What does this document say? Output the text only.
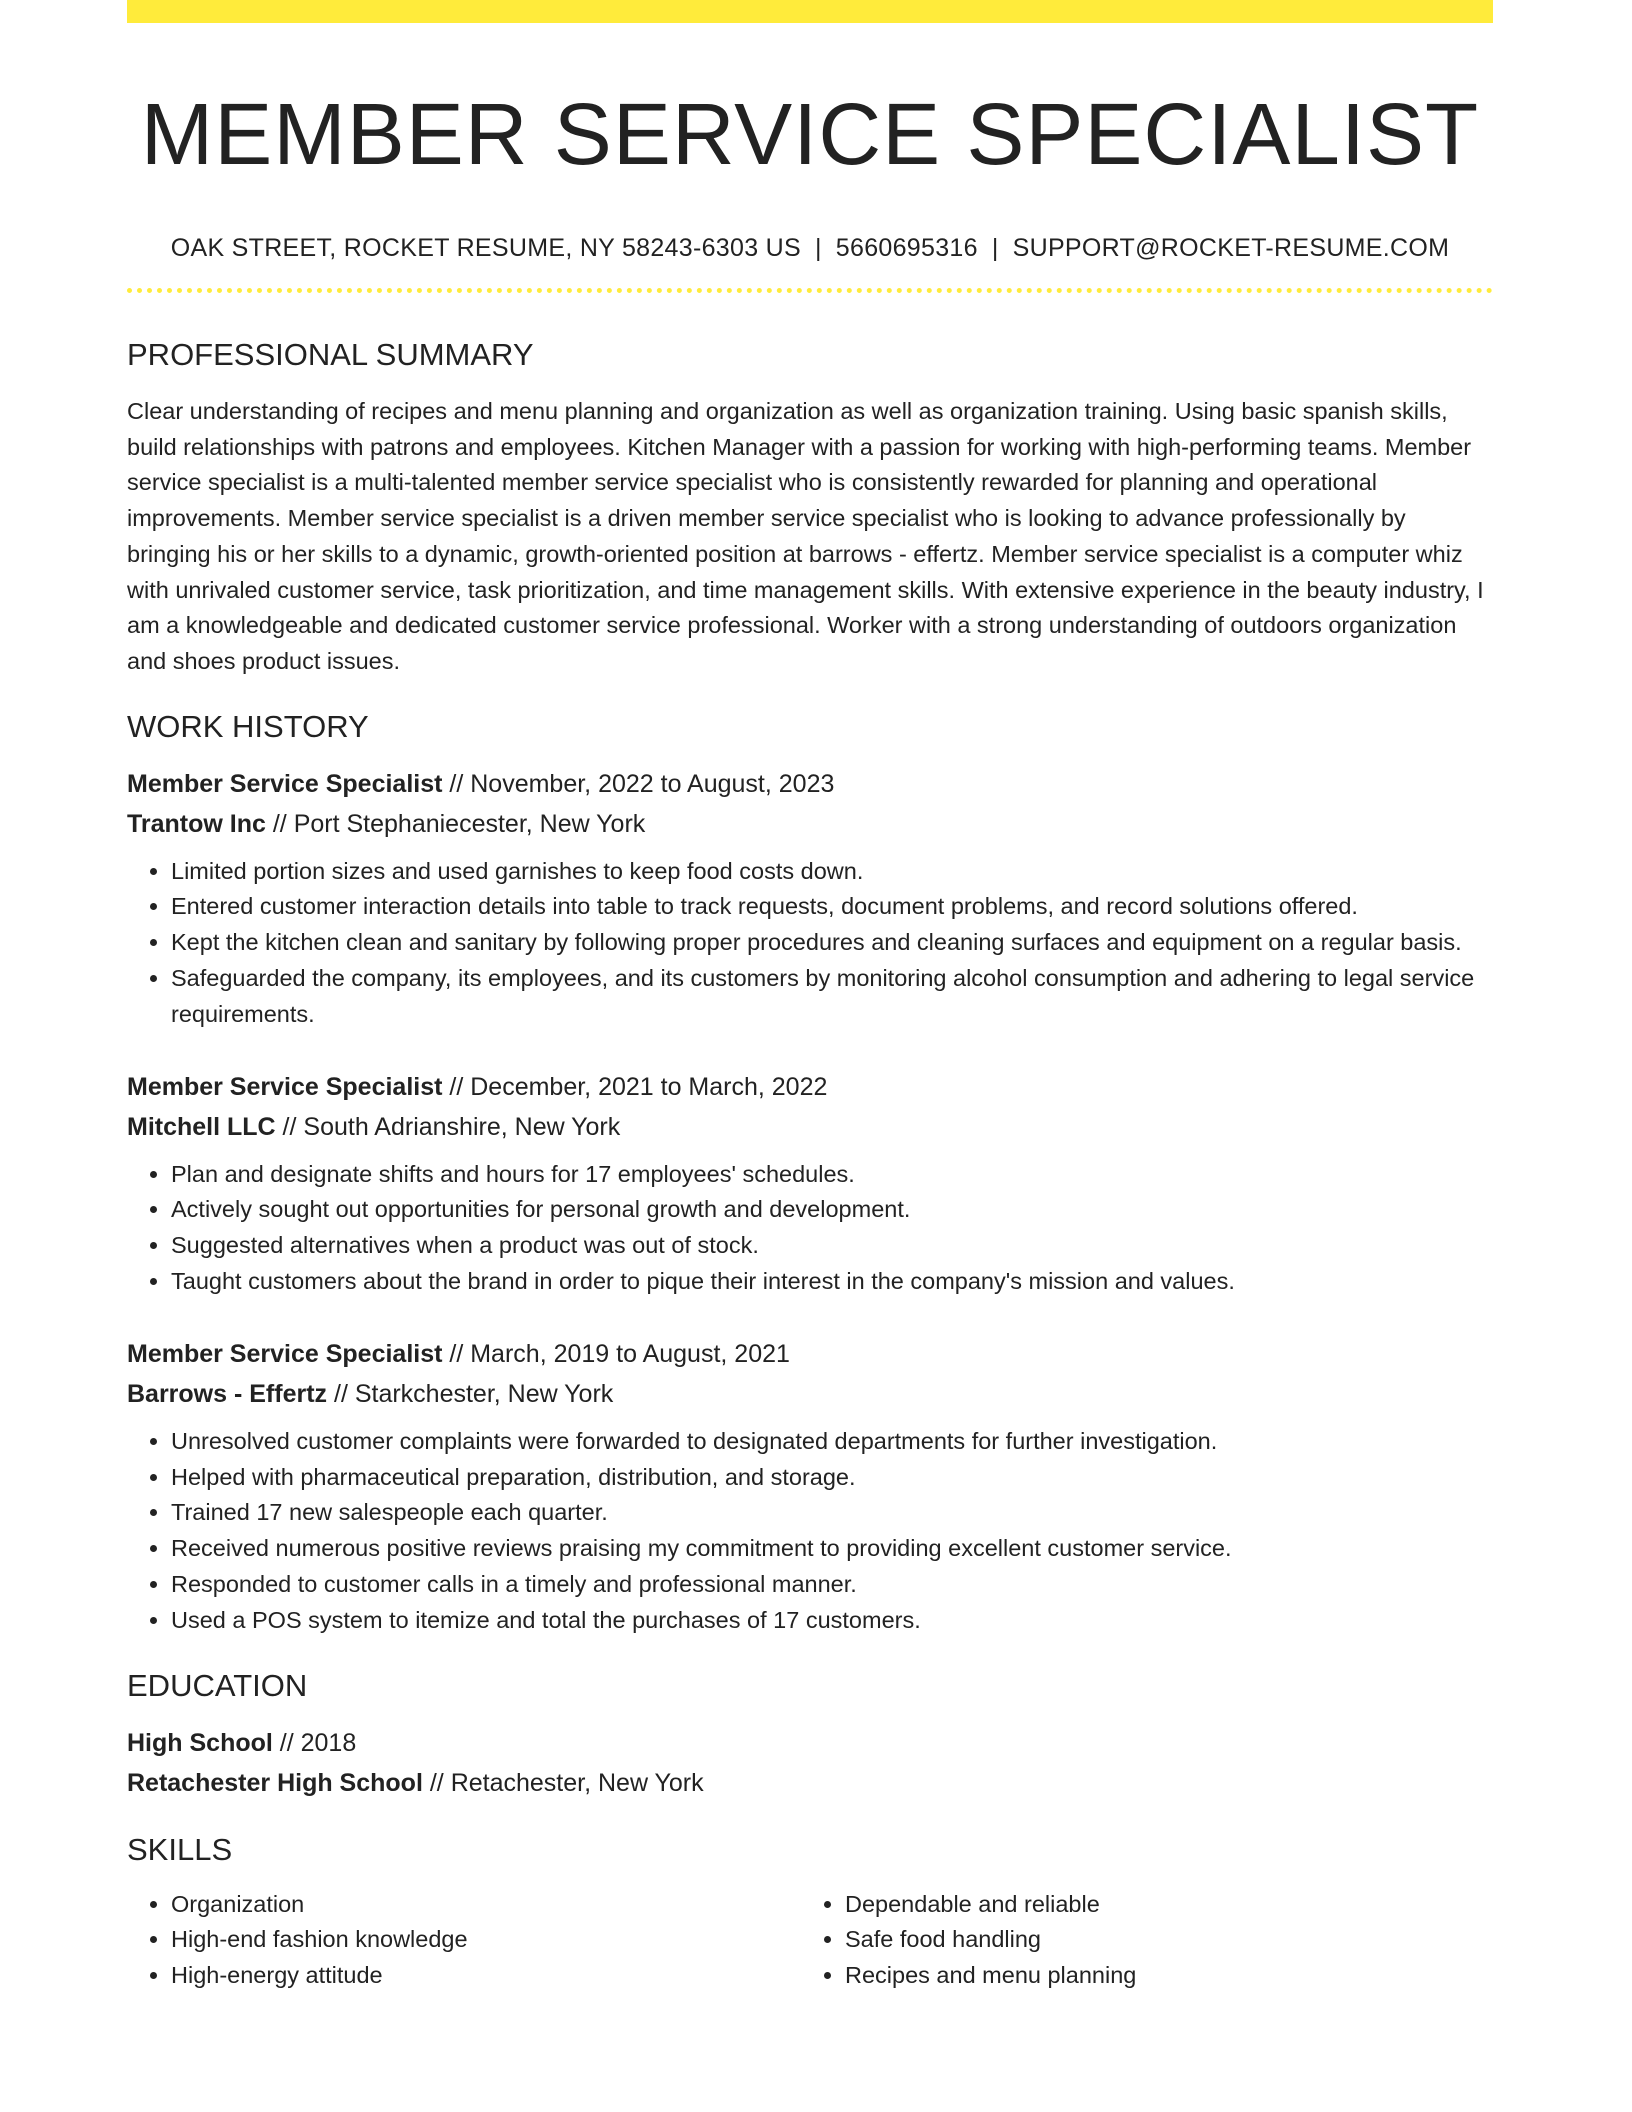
MEMBER SERVICE SPECIALIST
OAK STREET, ROCKET RESUME, NY 58243-6303 US | 5660695316 | SUPPORT@ROCKET-RESUME.COM
PROFESSIONAL SUMMARY

Clear understanding of recipes and menu planning and organization as well as organization training. Using basic spanish skills, build relationships with patrons and employees. Kitchen Manager with a passion for working with high-performing teams. Member service specialist is a multi-talented member service specialist who is consistently rewarded for planning and operational improvements. Member service specialist is a driven member service specialist who is looking to advance professionally by bringing his or her skills to a dynamic, growth-oriented position at barrows - effertz. Member service specialist is a computer whiz with unrivaled customer service, task prioritization, and time management skills. With extensive experience in the beauty industry, I am a knowledgeable and dedicated customer service professional. Worker with a strong understanding of outdoors organization and shoes product issues.

WORK HISTORY
Member Service Specialist // November, 2022 to August, 2023
Trantow Inc // Port Stephaniecester, New York
• Limited portion sizes and used garnishes to keep food costs down.
• Entered customer interaction details into table to track requests, document problems, and record solutions offered.
• Kept the kitchen clean and sanitary by following proper procedures and cleaning surfaces and equipment on a regular basis.
• Safeguarded the company, its employees, and its customers by monitoring alcohol consumption and adhering to legal service requirements.
Member Service Specialist // December, 2021 to March, 2022
Mitchell LLC // South Adrianshire, New York
• Plan and designate shifts and hours for 17 employees' schedules.
• Actively sought out opportunities for personal growth and development.
• Suggested alternatives when a product was out of stock.
• Taught customers about the brand in order to pique their interest in the company's mission and values.
Member Service Specialist // March, 2019 to August, 2021
Barrows - Effertz // Starkchester, New York
• Unresolved customer complaints were forwarded to designated departments for further investigation.
• Helped with pharmaceutical preparation, distribution, and storage.
• Trained 17 new salespeople each quarter.
• Received numerous positive reviews praising my commitment to providing excellent customer service.
• Responded to customer calls in a timely and professional manner.
• Used a POS system to itemize and total the purchases of 17 customers.
EDUCATION
High School // 2018
Retachester High School // Retachester, New York
SKILLS
• Organization
• High-end fashion knowledge
• High-energy attitude
• Dependable and reliable
• Safe food handling
• Recipes and menu planning
